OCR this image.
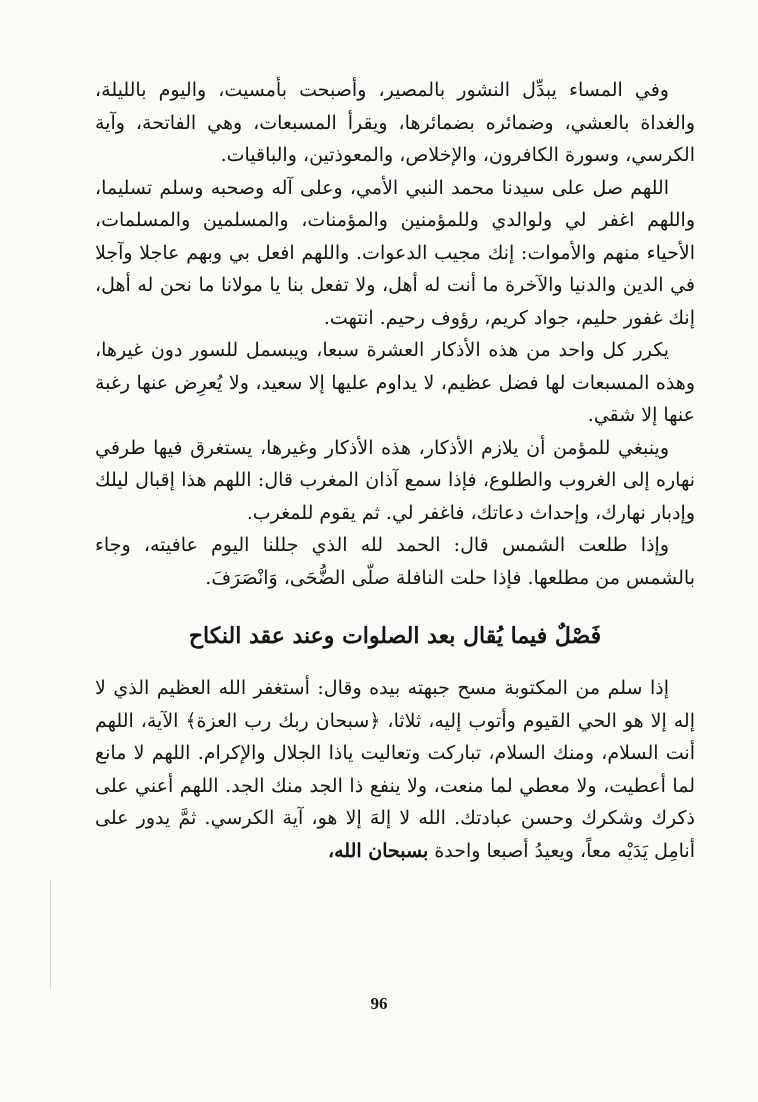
وفي المساء يبدِّل النشور بالمصير، وأصبحت بأمسيت، واليوم بالليلة، والغداة بالعشي، وضمائره بضمائرها، ويقرأ المسبعات، وهي الفاتحة، وآية الكرسي، وسورة الكافرون، والإخلاص، والمعوذتين، والباقيات.

اللهم صل على سيدنا محمد النبي الأمي، وعلى آله وصحبه وسلم تسليما، واللهم اغفر لي ولوالدي وللمؤمنين والمؤمنات، والمسلمين والمسلمات، الأحياء منهم والأموات: إنك مجيب الدعوات. واللهم افعل بي وبهم عاجلا وآجلا في الدين والدنيا والآخرة ما أنت له أهل، ولا تفعل بنا يا مولانا ما نحن له أهل، إنك غفور حليم، جواد كريم، رؤوف رحيم. انتهت.

يكرر كل واحد من هذه الأذكار العشرة سبعا، ويبسمل للسور دون غيرها، وهذه المسبعات لها فضل عظيم، لا يداوم عليها إلا سعيد، ولا يُعرِض عنها رغبة عنها إلا شقي.

وينبغي للمؤمن أن يلازم الأذكار، هذه الأذكار وغيرها، يستغرق فيها طرفي نهاره إلى الغروب والطلوع، فإذا سمع آذان المغرب قال: اللهم هذا إقبال ليلك وإدبار نهارك، وإحداث دعاتك، فاغفر لي. ثم يقوم للمغرب.

وإذا طلعت الشمس قال: الحمد لله الذي جللنا اليوم عافيته، وجاء بالشمس من مطلعها. فإذا حلت النافلة صلّى الضُّحَى، وَانْصَرَفَ.

فَصْلٌ فيما يُقال بعد الصلوات وعند عقد النكاح

إذا سلم من المكتوبة مسح جبهته بيده وقال: أستغفر الله العظيم الذي لا إله إلا هو الحي القيوم وأتوب إليه، ثلاثا، ﴿سبحان ربك رب العزة﴾ الآية، اللهم أنت السلام، ومنك السلام، تباركت وتعاليت ياذا الجلال والإكرام. اللهم لا مانع لما أعطيت، ولا معطي لما منعت، ولا ينفع ذا الجد منك الجد. اللهم أعني على ذكرك وشكرك وحسن عبادتك. الله لا إلهَ إلا هو، آية الكرسي. ثمَّ يدور على أنامِل يَدَيْه معاً، ويعيدُ أصبعا واحدة بسبحان الله،

96
